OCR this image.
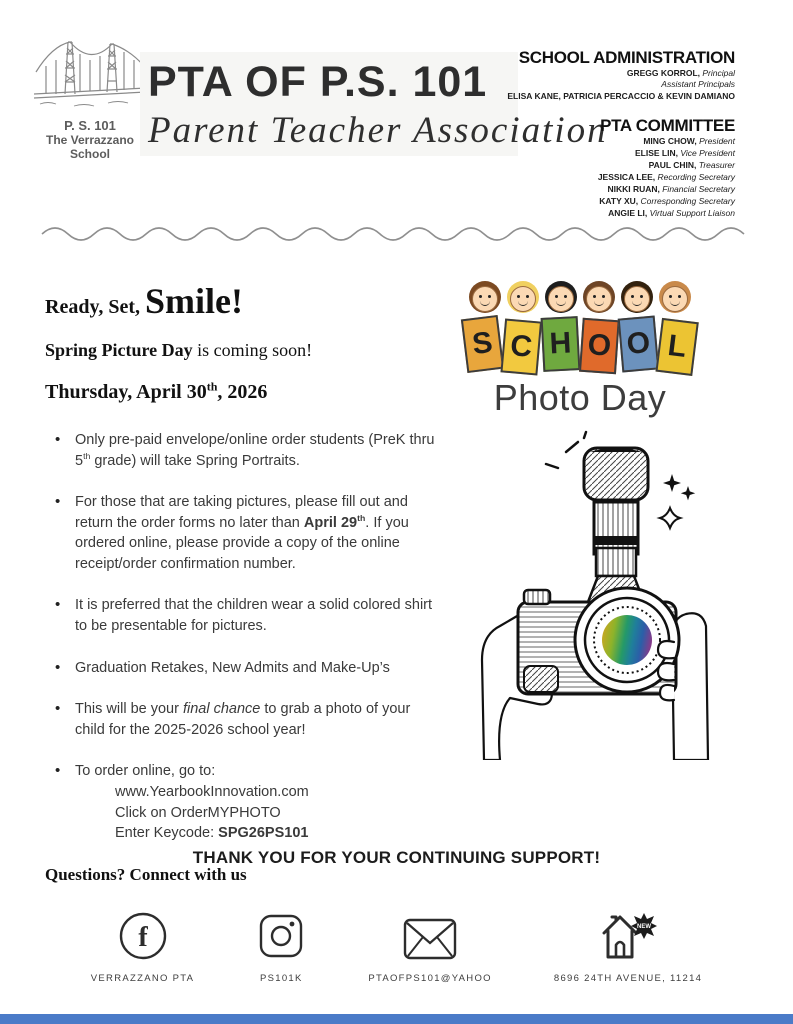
P. S. 101
The Verrazzano School
PTA OF P.S. 101
Parent Teacher Association
SCHOOL ADMINISTRATION
GREGG KORROL, Principal
Assistant Principals
ELISA KANE, PATRICIA PERCACCIO & KEVIN DAMIANO
PTA COMMITTEE
MING CHOW, President
ELISE LIN, Vice President
PAUL CHIN, Treasurer
JESSICA LEE, Recording Secretary
NIKKI RUAN, Financial Secretary
KATY XU, Corresponding Secretary
ANGIE LI, Virtual Support Liaison
Ready, Set, Smile!
Spring Picture Day is coming soon!
Thursday, April 30th, 2026
• Only pre-paid envelope/online order students (PreK thru 5th grade) will take Spring Portraits.
• For those that are taking pictures, please fill out and return the order forms no later than April 29th. If you ordered online, please provide a copy of the online receipt/order confirmation number.
• It is preferred that the children wear a solid colored shirt to be presentable for pictures.
• Graduation Retakes, New Admits and Make-Up’s
• This will be your final chance to grab a photo of your child for the 2025-2026 school year!
• To order online, go to:
www.YearbookInnovation.com
Click on OrderMYPHOTO
Enter Keycode: SPG26PS101
Questions? Connect with us
S C H O O L
Photo Day
THANK YOU FOR YOUR CONTINUING SUPPORT!
f
VERRAZZANO PTA	PS101K	PTAOFPS101@YAHOO
NEW
8696 24TH AVENUE, 11214
